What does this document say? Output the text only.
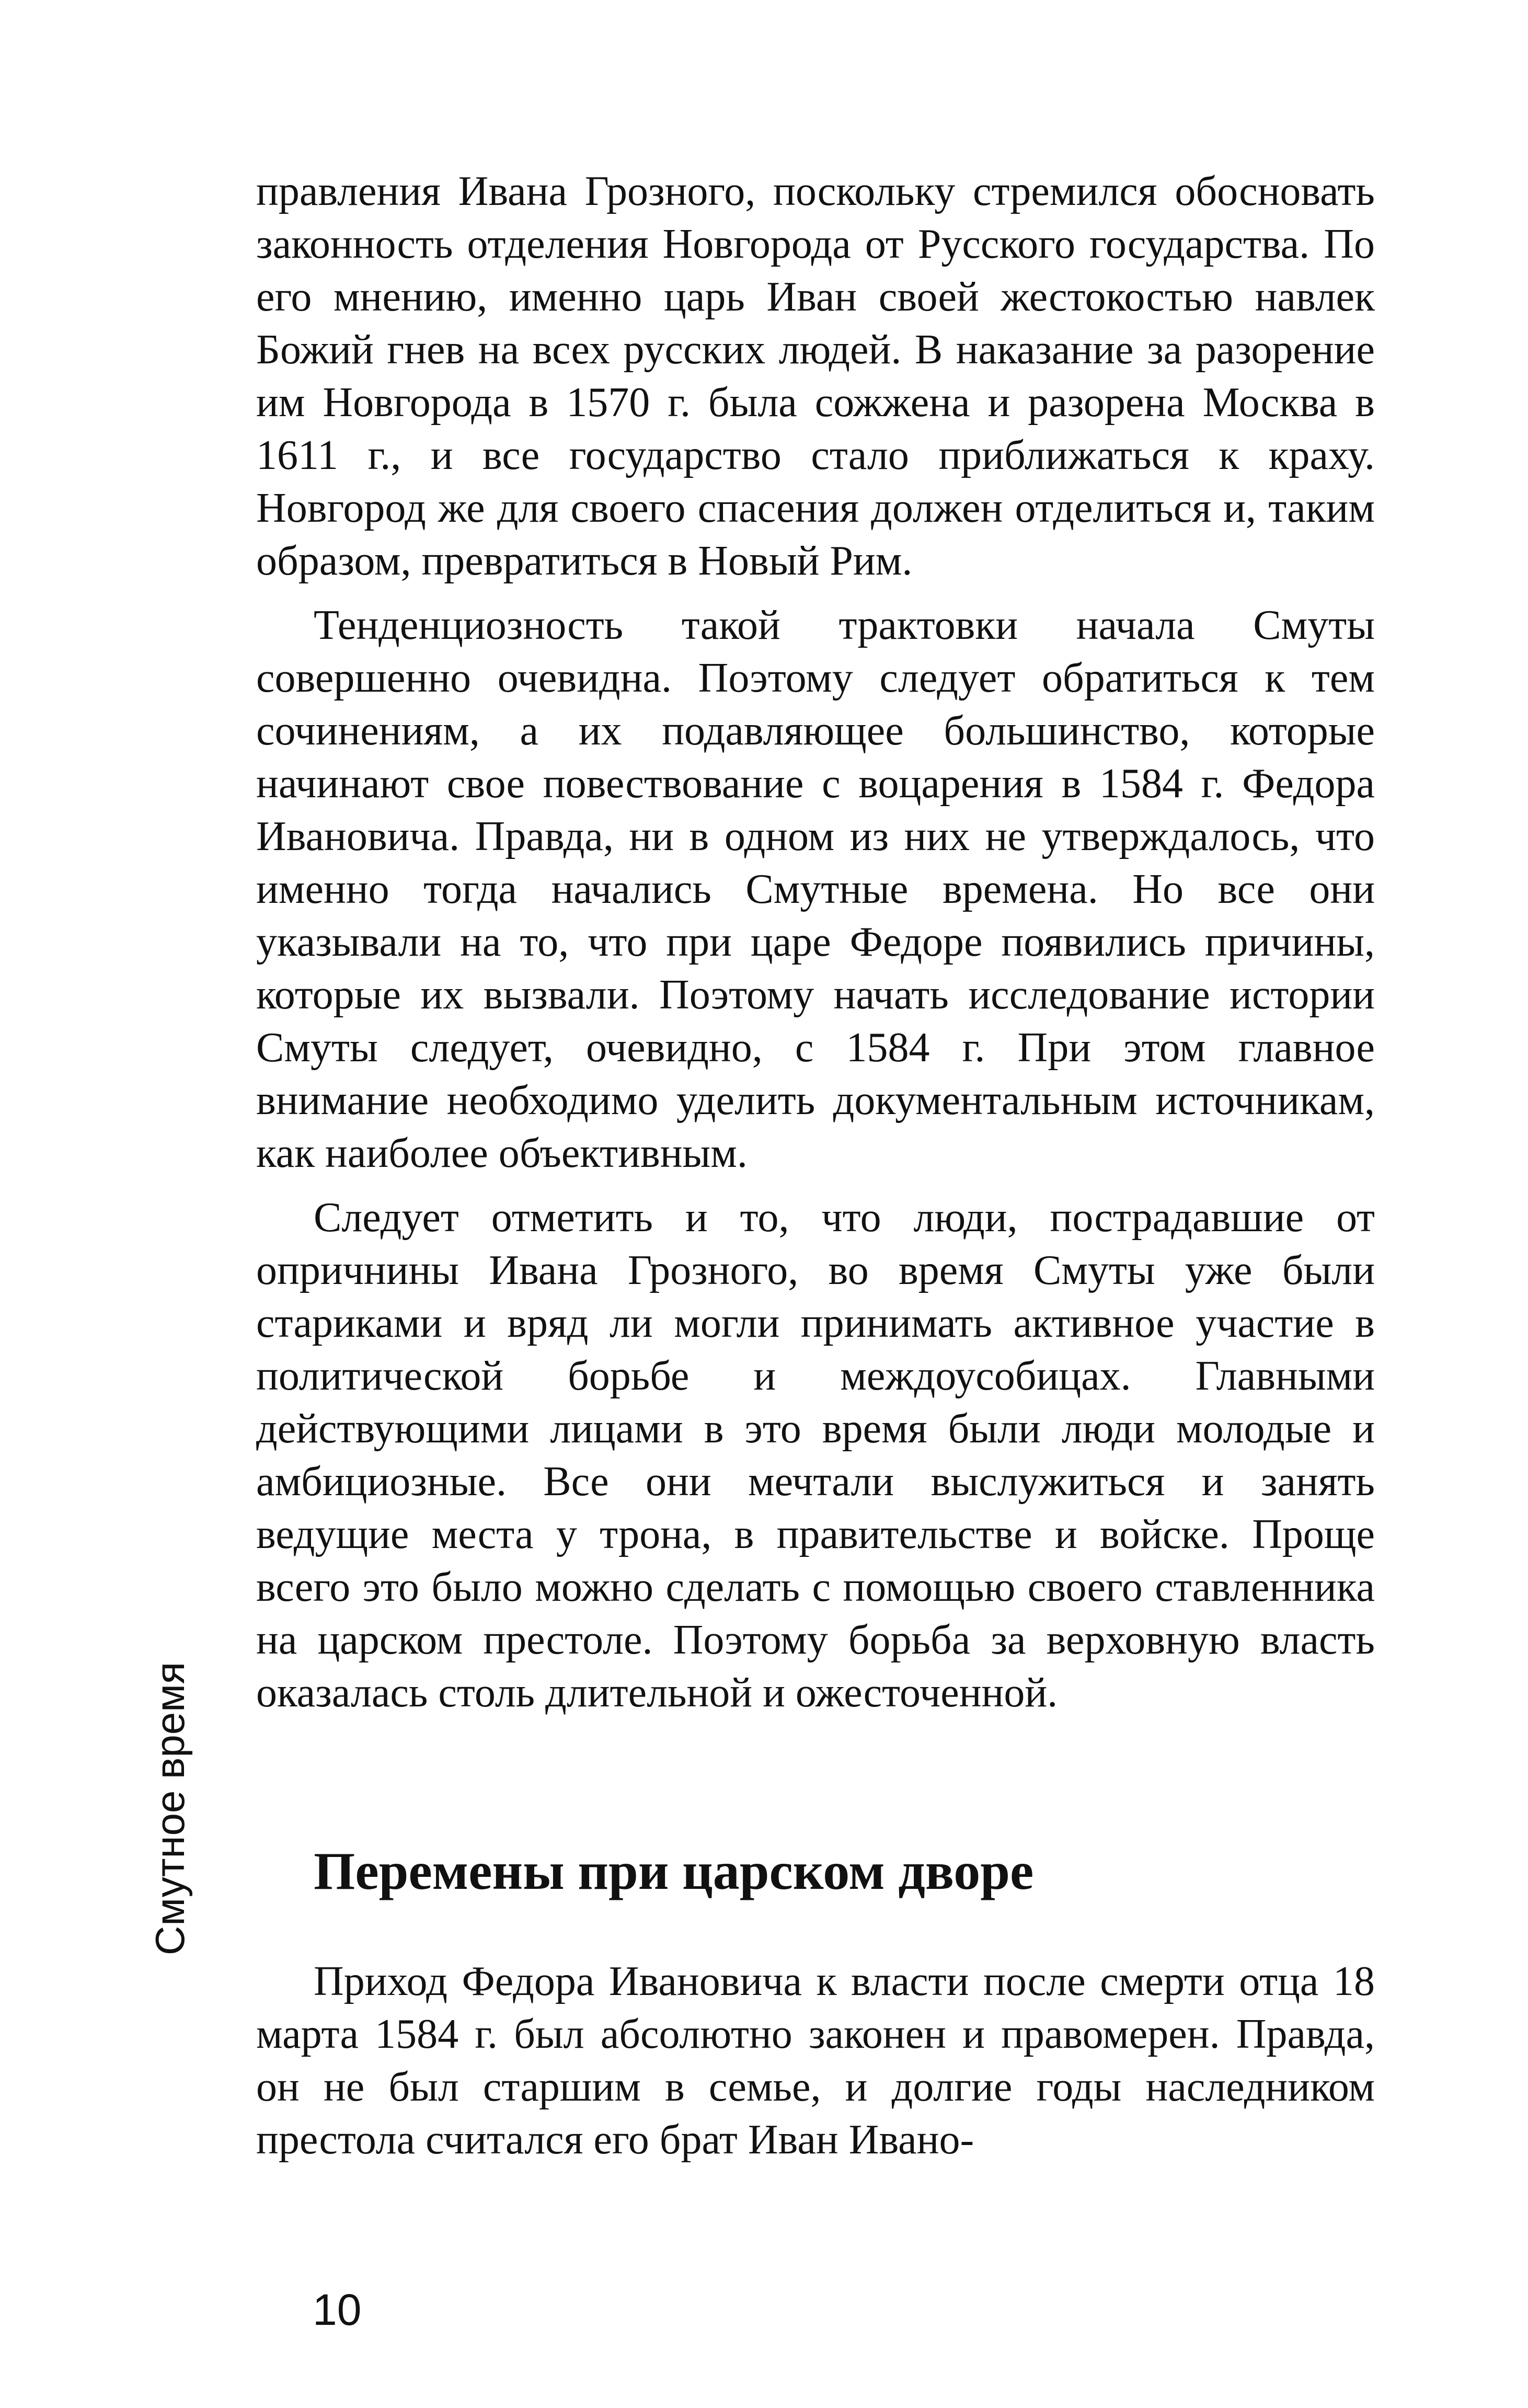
правления Ивана Грозного, поскольку стремился обосновать законность отделения Новгорода от Русского государства. По его мнению, именно царь Иван своей жестокостью навлек Божий гнев на всех русских людей. В наказание за разорение им Новгорода в 1570 г. была сожжена и разорена Москва в 1611 г., и все государство стало приближаться к краху. Новгород же для своего спасения должен отделиться и, таким образом, превратиться в Новый Рим.

Тенденциозность такой трактовки начала Смуты совершенно очевидна. Поэтому следует обратиться к тем сочинениям, а их подавляющее большинство, которые начинают свое повествование с воцарения в 1584 г. Федора Ивановича. Правда, ни в одном из них не утверждалось, что именно тогда начались Смутные времена. Но все они указывали на то, что при царе Федоре появились причины, которые их вызвали. Поэтому начать исследование истории Смуты следует, очевидно, с 1584 г. При этом главное внимание необходимо уделить документальным источникам, как наиболее объективным.

Следует отметить и то, что люди, пострадавшие от опричнины Ивана Грозного, во время Смуты уже были стариками и вряд ли могли принимать активное участие в политической борьбе и междоусобицах. Главными действующими лицами в это время были люди молодые и амбициозные. Все они мечтали выслужиться и занять ведущие места у трона, в правительстве и войске. Проще всего это было можно сделать с помощью своего ставленника на царском престоле. Поэтому борьба за верховную власть оказалась столь длительной и ожесточенной.

Перемены при царском дворе

Приход Федора Ивановича к власти после смерти отца 18 марта 1584 г. был абсолютно законен и правомерен. Правда, он не был старшим в семье, и долгие годы наследником престола считался его брат Иван Ивано-

Смутное время
10
